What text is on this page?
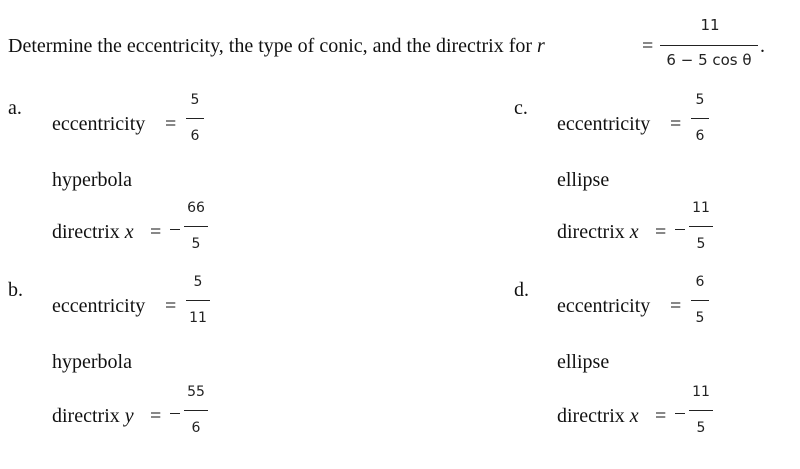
Determine the eccentricity, the type of conic, and the directrix for r	=
11
6 − 5 cos θ
.
a.
eccentricity =
5
6
hyperbola
directrix x =
66
5
b.
eccentricity =
5
11
hyperbola
directrix y =
55
6
c.
eccentricity =
5
6
ellipse
directrix x =
11
5
d.
eccentricity =
6
5
ellipse
directrix x =
11
5
